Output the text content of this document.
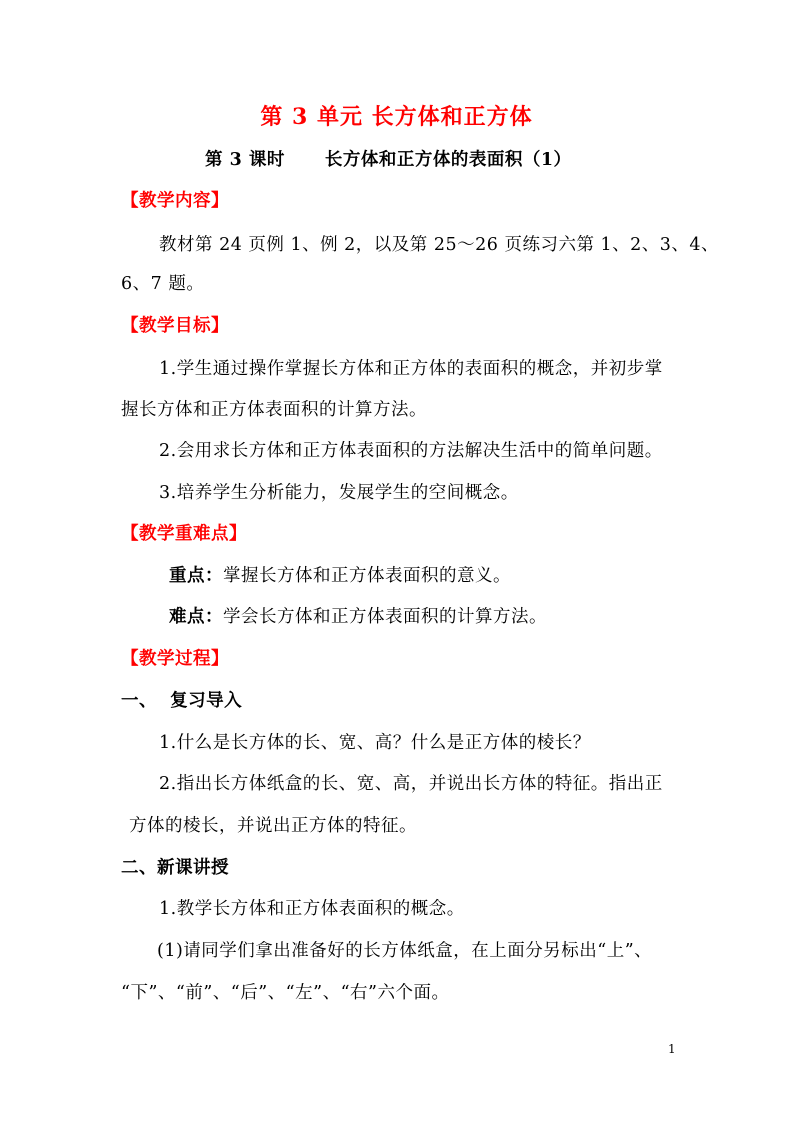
第 3 单元 长方体和正方体
第 3 课时 长方体和正方体的表面积（1）
【教学内容】
教材第 24 页例 1、例 2，以及第 25～26 页练习六第 1、2、3、4、
6、7 题。
【教学目标】
1.学生通过操作掌握长方体和正方体的表面积的概念，并初步掌
握长方体和正方体表面积的计算方法。
2.会用求长方体和正方体表面积的方法解决生活中的简单问题。
3.培养学生分析能力，发展学生的空间概念。
【教学重难点】
重点：掌握长方体和正方体表面积的意义。
难点：学会长方体和正方体表面积的计算方法。
【教学过程】
一、  复习导入
1.什么是长方体的长、宽、高？什么是正方体的棱长？
2.指出长方体纸盒的长、宽、高，并说出长方体的特征。指出正
方体的棱长，并说出正方体的特征。
二、新课讲授
1.教学长方体和正方体表面积的概念。
(1)请同学们拿出准备好的长方体纸盒，在上面分另标出“上”、
“下”、“前”、“后”、“左”、“右”六个面。
1
